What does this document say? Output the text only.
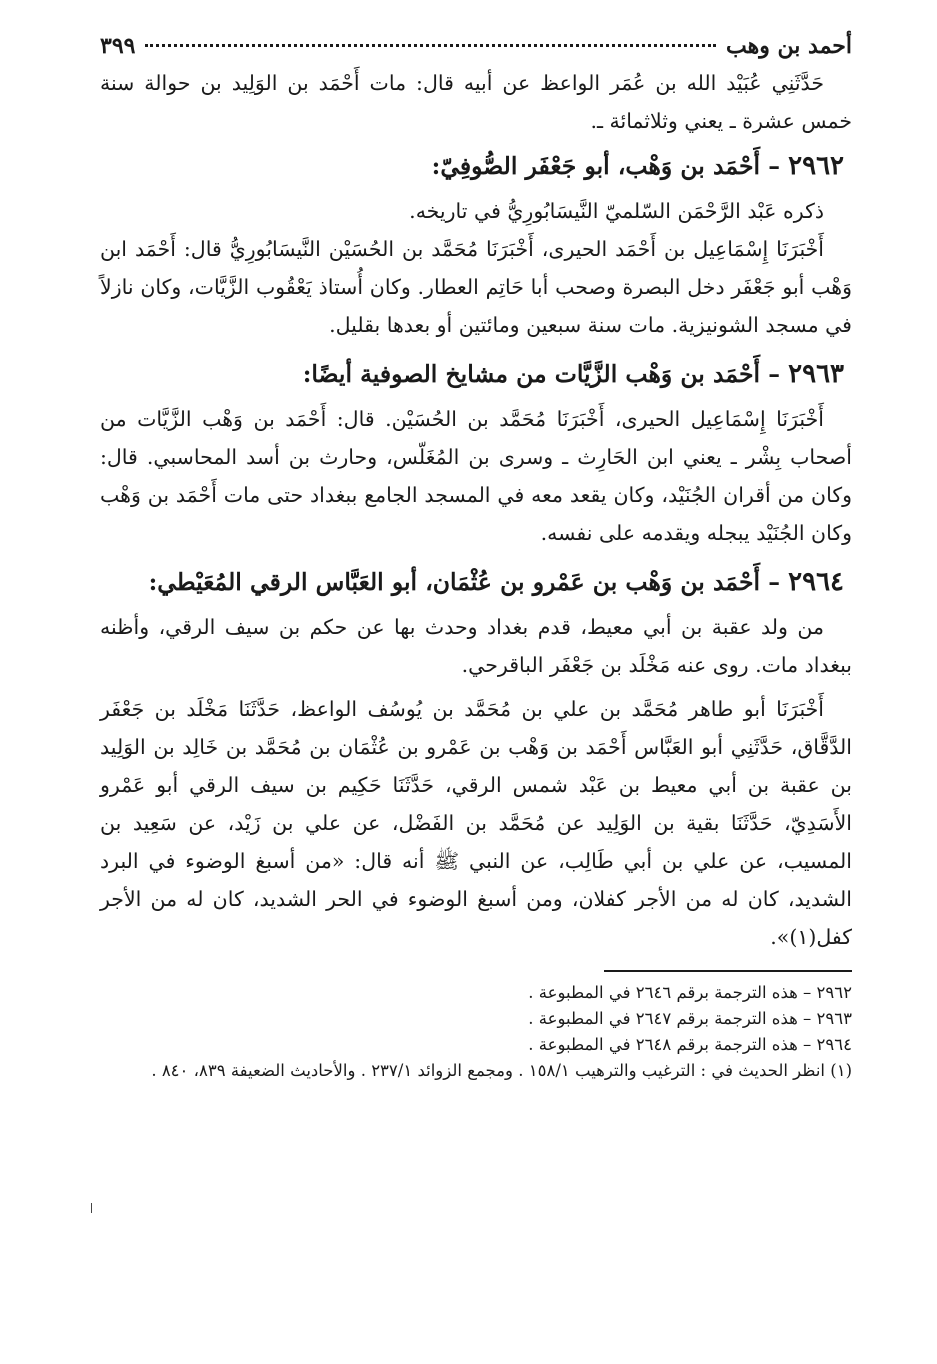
أحمد بن وهب
٣٩٩

حَدَّثَنِي عُبَيْد الله بن عُمَر الواعظ عن أبيه قال: مات أَحْمَد بن الوَلِيد بن حوالة سنة خمس عشرة ـ يعني وثلاثمائة ـ.

٢٩٦٢ – أَحْمَد بن وَهْب، أبو جَعْفَر الصُّوفِيّ:

ذكره عَبْد الرَّحْمَن السّلميّ النَّيسَابُورِيُّ في تاريخه.

أَخْبَرَنَا إِسْمَاعِيل بن أَحْمَد الحيرى، أَخْبَرَنَا مُحَمَّد بن الحُسَيْن النَّيسَابُورِيُّ قال: أَحْمَد ابن وَهْب أبو جَعْفَر دخل البصرة وصحب أبا حَاتِم العطار. وكان أُستاذ يَعْقُوب الزَّيَّات، وكان نازلاً في مسجد الشونيزية. مات سنة سبعين ومائتين أو بعدها بقليل.

٢٩٦٣ – أَحْمَد بن وَهْب الزَّيَّات من مشايخ الصوفية أيضًا:

أَخْبَرَنَا إِسْمَاعِيل الحيرى، أَخْبَرَنَا مُحَمَّد بن الحُسَيْن. قال: أَحْمَد بن وَهْب الزَّيَّات من أصحاب بِشْر ـ يعني ابن الحَارِث ـ وسرى بن المُغَلّس، وحارث بن أسد المحاسبي. قال: وكان من أقران الجُنَيْد، وكان يقعد معه في المسجد الجامع ببغداد حتى مات أَحْمَد بن وَهْب وكان الجُنَيْد يبجله ويقدمه على نفسه.

٢٩٦٤ – أَحْمَد بن وَهْب بن عَمْرو بن عُثْمَان، أبو العَبَّاس الرقي المُعَيْطي:

من ولد عقبة بن أبي معيط، قدم بغداد وحدث بها عن حكم بن سيف الرقي، وأظنه ببغداد مات. روى عنه مَخْلَد بن جَعْفَر الباقرحي.

أَخْبَرَنَا أبو طاهر مُحَمَّد بن علي بن مُحَمَّد بن يُوسُف الواعظ، حَدَّثَنَا مَخْلَد بن جَعْفَر الدَّقَّاق، حَدَّثَنِي أبو العَبَّاس أَحْمَد بن وَهْب بن عَمْرو بن عُثْمَان بن مُحَمَّد بن خَالِد بن الوَلِيد بن عقبة بن أبي معيط بن عَبْد شمس الرقي، حَدَّثَنَا حَكِيم بن سيف الرقي أبو عَمْرو الأَسَدِيّ، حَدَّثَنَا بقية بن الوَلِيد عن مُحَمَّد بن الفَضْل، عن علي بن زَيْد، عن سَعِيد بن المسيب، عن علي بن أبي طَالِب، عن النبي ﷺ أنه قال: «من أسبغ الوضوء في البرد الشديد، كان له من الأجر كفلان، ومن أسبغ الوضوء في الحر الشديد، كان له من الأجر كفل(١)».

٢٩٦٢ – هذه الترجمة برقم ٢٦٤٦ في المطبوعة .

٢٩٦٣ – هذه الترجمة برقم ٢٦٤٧ في المطبوعة .

٢٩٦٤ – هذه الترجمة برقم ٢٦٤٨ في المطبوعة .

(١) انظر الحديث في : الترغيب والترهيب ١٥٨/١ . ومجمع الزوائد ٢٣٧/١ . والأحاديث الضعيفة ٨٣٩، ٨٤٠ .
